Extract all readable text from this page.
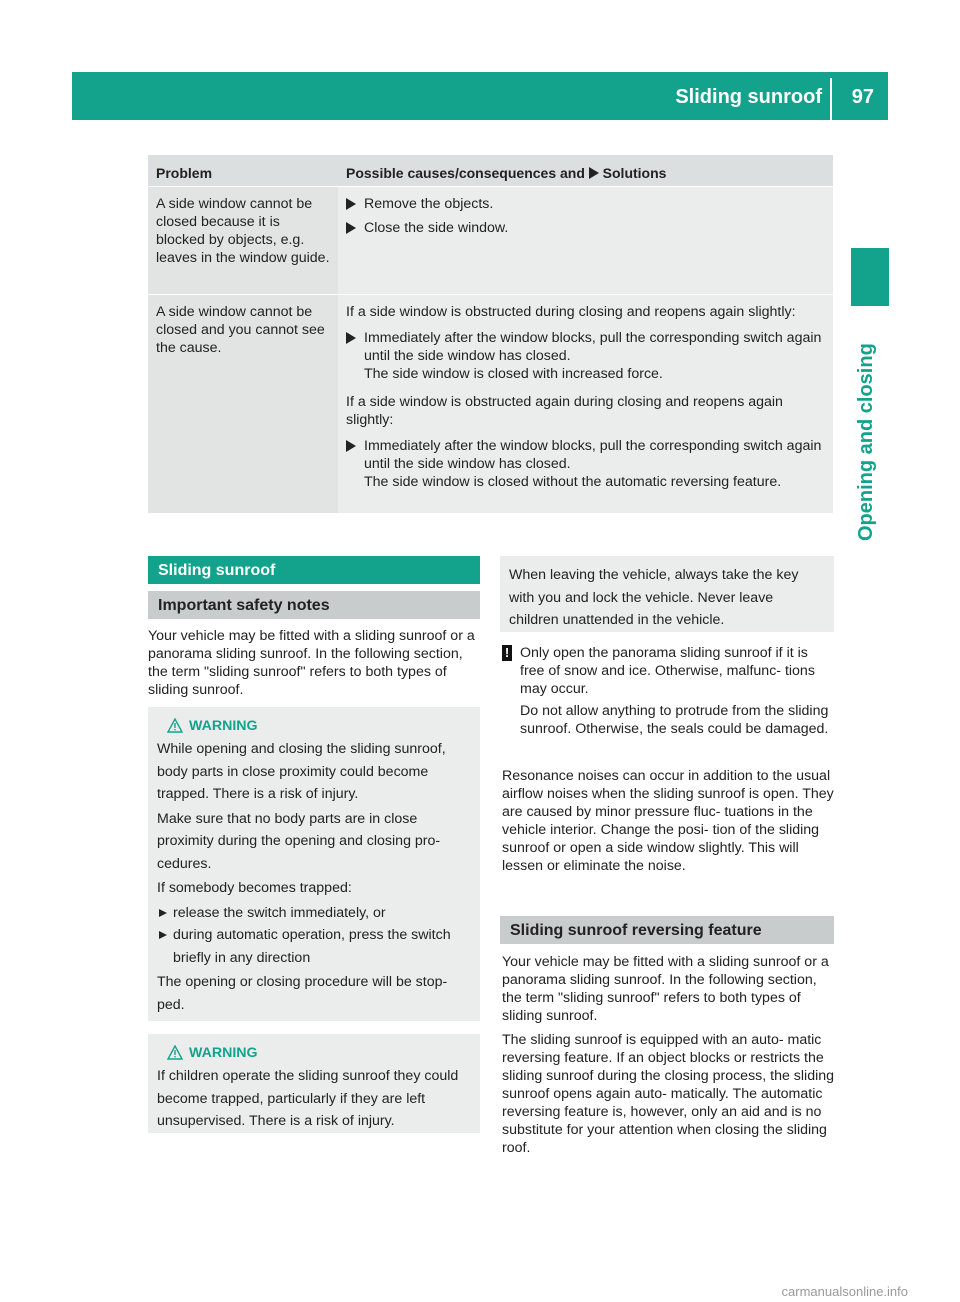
Sliding sunroof 97
Opening and closing
Problem	Possible causes/consequences and Solutions
A side window cannot be closed because it is blocked by objects, e.g. leaves in the window guide.
Remove the objects.
Close the side window.
A side window cannot be closed and you cannot see the cause.
If a side window is obstructed during closing and reopens again slightly:
Immediately after the window blocks, pull the corresponding switch again until the side window has closed.
The side window is closed with increased force.
If a side window is obstructed again during closing and reopens again slightly:
Immediately after the window blocks, pull the corresponding switch again until the side window has closed.
The side window is closed without the automatic reversing feature.
Sliding sunroof
Important safety notes
Your vehicle may be fitted with a sliding sunroof or a panorama sliding sunroof. In the following section, the term "sliding sunroof" refers to both types of sliding sunroof.
WARNING
While opening and closing the sliding sunroof, body parts in close proximity could become trapped. There is a risk of injury.
Make sure that no body parts are in close proximity during the opening and closing pro- cedures.
If somebody becomes trapped:
release the switch immediately, or
during automatic operation, press the switch briefly in any direction
The opening or closing procedure will be stop- ped.
WARNING
If children operate the sliding sunroof they could become trapped, particularly if they are left unsupervised. There is a risk of injury.
When leaving the vehicle, always take the key with you and lock the vehicle. Never leave children unattended in the vehicle.
! Only open the panorama sliding sunroof if it is free of snow and ice. Otherwise, malfunc- tions may occur.
Do not allow anything to protrude from the sliding sunroof. Otherwise, the seals could be damaged.
Resonance noises can occur in addition to the usual airflow noises when the sliding sunroof is open. They are caused by minor pressure fluc- tuations in the vehicle interior. Change the posi- tion of the sliding sunroof or open a side window slightly. This will lessen or eliminate the noise.
Sliding sunroof reversing feature
Your vehicle may be fitted with a sliding sunroof or a panorama sliding sunroof. In the following section, the term "sliding sunroof" refers to both types of sliding sunroof.
The sliding sunroof is equipped with an auto- matic reversing feature. If an object blocks or restricts the sliding sunroof during the closing process, the sliding sunroof opens again auto- matically. The automatic reversing feature is, however, only an aid and is no substitute for your attention when closing the sliding roof.
carmanualsonline.info
